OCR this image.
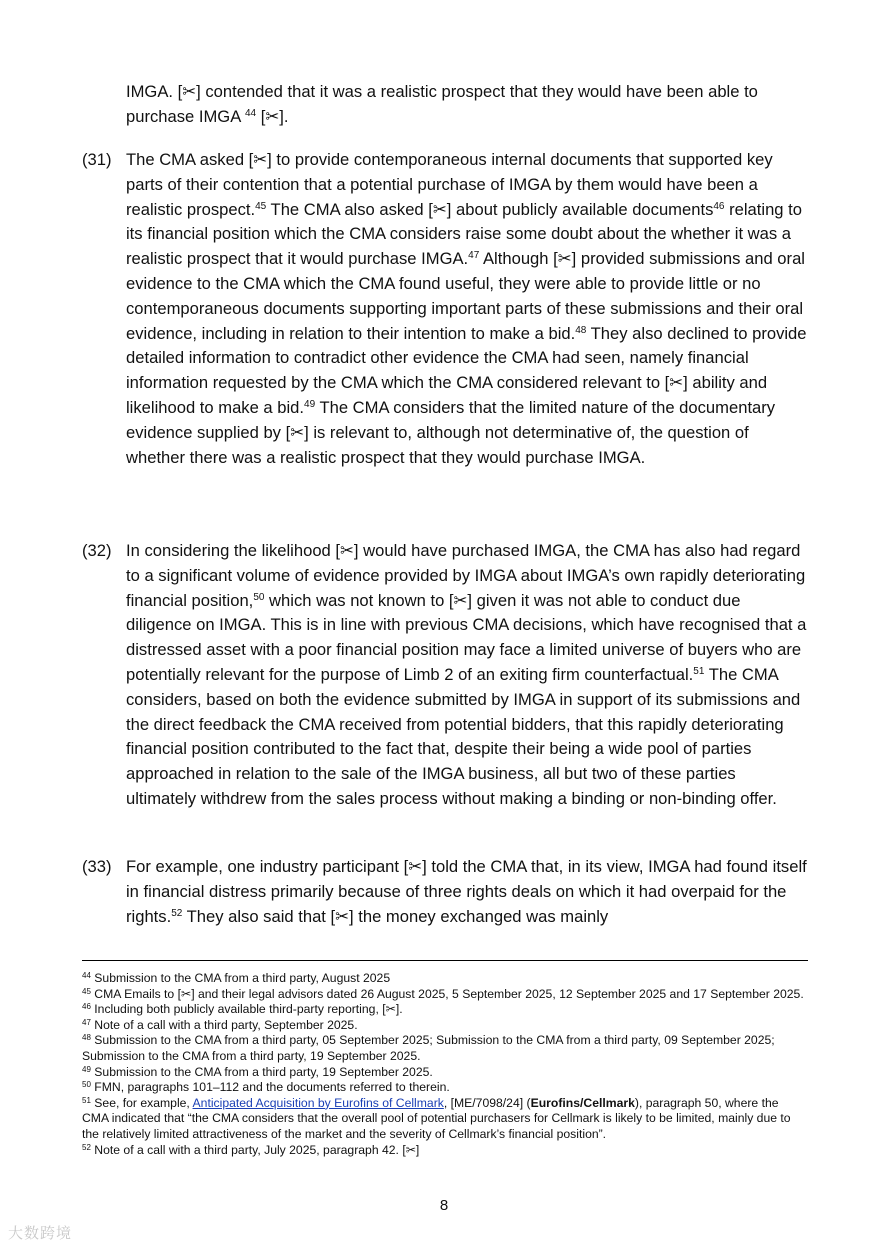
IMGA. [✂] contended that it was a realistic prospect that they would have been able to purchase IMGA $^{44}$ [✂].

(31) The CMA asked [✂] to provide contemporaneous internal documents that supported key parts of their contention that a potential purchase of IMGA by them would have been a realistic prospect.$^{45}$ The CMA also asked [✂] about publicly available documents$^{46}$ relating to its financial position which the CMA considers raise some doubt about the whether it was a realistic prospect that it would purchase IMGA.$^{47}$ Although [✂] provided submissions and oral evidence to the CMA which the CMA found useful, they were able to provide little or no contemporaneous documents supporting important parts of these submissions and their oral evidence, including in relation to their intention to make a bid.$^{48}$ They also declined to provide detailed information to contradict other evidence the CMA had seen, namely financial information requested by the CMA which the CMA considered relevant to [✂] ability and likelihood to make a bid.$^{49}$ The CMA considers that the limited nature of the documentary evidence supplied by [✂] is relevant to, although not determinative of, the question of whether there was a realistic prospect that they would purchase IMGA.
(32) In considering the likelihood [✂] would have purchased IMGA, the CMA has also had regard to a significant volume of evidence provided by IMGA about IMGA’s own rapidly deteriorating financial position,$^{50}$ which was not known to [✂] given it was not able to conduct due diligence on IMGA. This is in line with previous CMA decisions, which have recognised that a distressed asset with a poor financial position may face a limited universe of buyers who are potentially relevant for the purpose of Limb 2 of an exiting firm counterfactual.$^{51}$ The CMA considers, based on both the evidence submitted by IMGA in support of its submissions and the direct feedback the CMA received from potential bidders, that this rapidly deteriorating financial position contributed to the fact that, despite their being a wide pool of parties approached in relation to the sale of the IMGA business, all but two of these parties ultimately withdrew from the sales process without making a binding or non-binding offer.
(33) For example, one industry participant [✂] told the CMA that, in its view, IMGA had found itself in financial distress primarily because of three rights deals on which it had overpaid for the rights.$^{52}$ They also said that [✂] the money exchanged was mainly

$^{44}$ Submission to the CMA from a third party, August 2025

$^{45}$ CMA Emails to [✂] and their legal advisors dated 26 August 2025, 5 September 2025, 12 September 2025 and 17 September 2025.

$^{46}$ Including both publicly available third-party reporting, [✂].

$^{47}$ Note of a call with a third party, September 2025.

$^{48}$ Submission to the CMA from a third party, 05 September 2025; Submission to the CMA from a third party, 09 September 2025; Submission to the CMA from a third party, 19 September 2025.

$^{49}$ Submission to the CMA from a third party, 19 September 2025.

$^{50}$ FMN, paragraphs 101–112 and the documents referred to therein.

$^{51}$ See, for example, Anticipated Acquisition by Eurofins of Cellmark, [ME/7098/24] (Eurofins/Cellmark), paragraph 50, where the CMA indicated that “the CMA considers that the overall pool of potential purchasers for Cellmark is likely to be limited, mainly due to the relatively limited attractiveness of the market and the severity of Cellmark’s financial position”.

$^{52}$ Note of a call with a third party, July 2025, paragraph 42. [✂]

8
大数跨境
